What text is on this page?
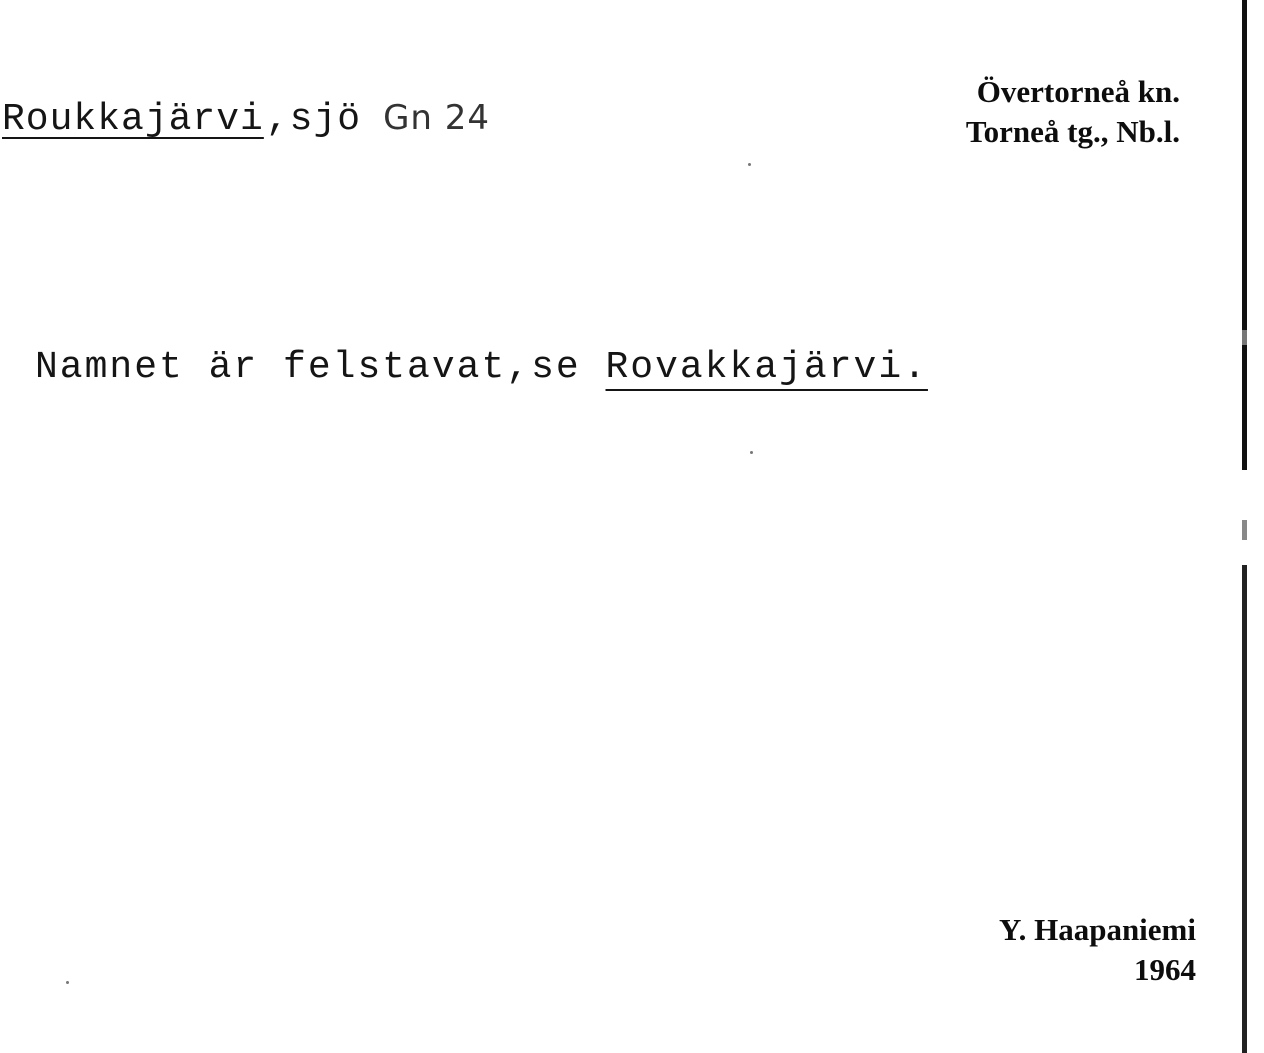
Roukkajärvi,sjö Gn 24
Övertorneå kn.
Torneå tg., Nb.l.
Namnet är felstavat,se Rovakkajärvi.
Y. Haapaniemi
1964
